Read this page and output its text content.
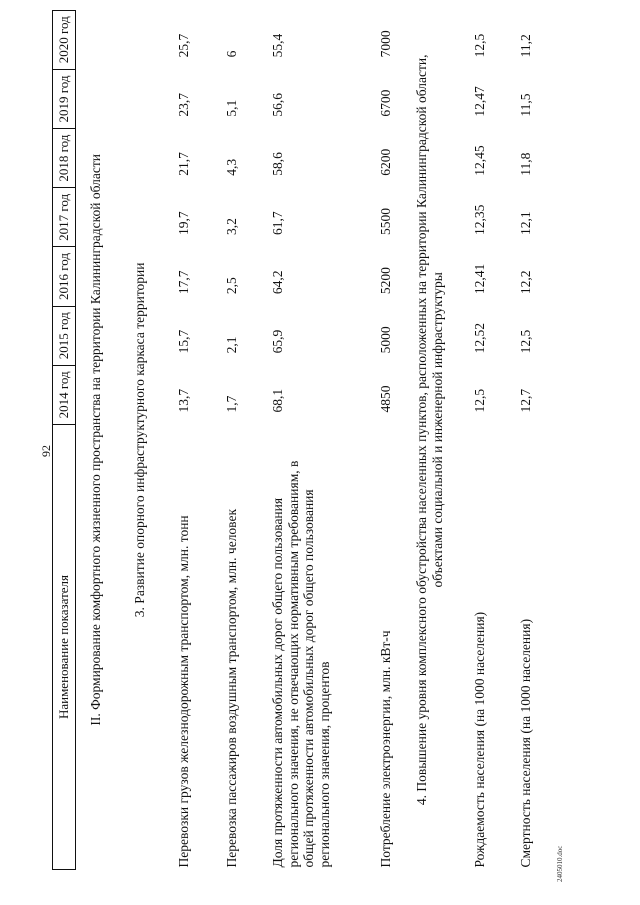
92
Наименование показателя	2014 год	2015 год	2016 год	2017 год	2018 год	2019 год	2020 год
II. Формирование комфортного жизненного пространства на территории Калининградской области							
3. Развитие опорного инфраструктурного каркаса территории							
Перевозки грузов железнодорожным транспортом, млн. тонн	13,7	15,7	17,7	19,7	21,7	23,7	25,7
Перевозка пассажиров воздушным транспортом, млн. человек	1,7	2,1	2,5	3,2	4,3	5,1	6
Доля протяженности автомобильных дорог общего пользования регионального значения, не отвечающих нормативным требованиям, в общей протяженности автомобильных дорог общего пользования регионального значения, процентов	68,1	65,9	64,2	61,7	58,6	56,6	55,4
Потребление электроэнергии, млн. кВт-ч	4850	5000	5200	5500	6200	6700	7000
4. Повышение уровня комплексного обустройства населенных пунктов, расположенных на территории Калининградской области, объектами социальной и инженерной инфраструктуры							
Рождаемость населения (на 1000 населения)	12,5	12,52	12,41	12,35	12,45	12,47	12,5
Смертность населения (на 1000 населения)	12,7	12,5	12,2	12,1	11,8	11,5	11,2
2405010.doc
